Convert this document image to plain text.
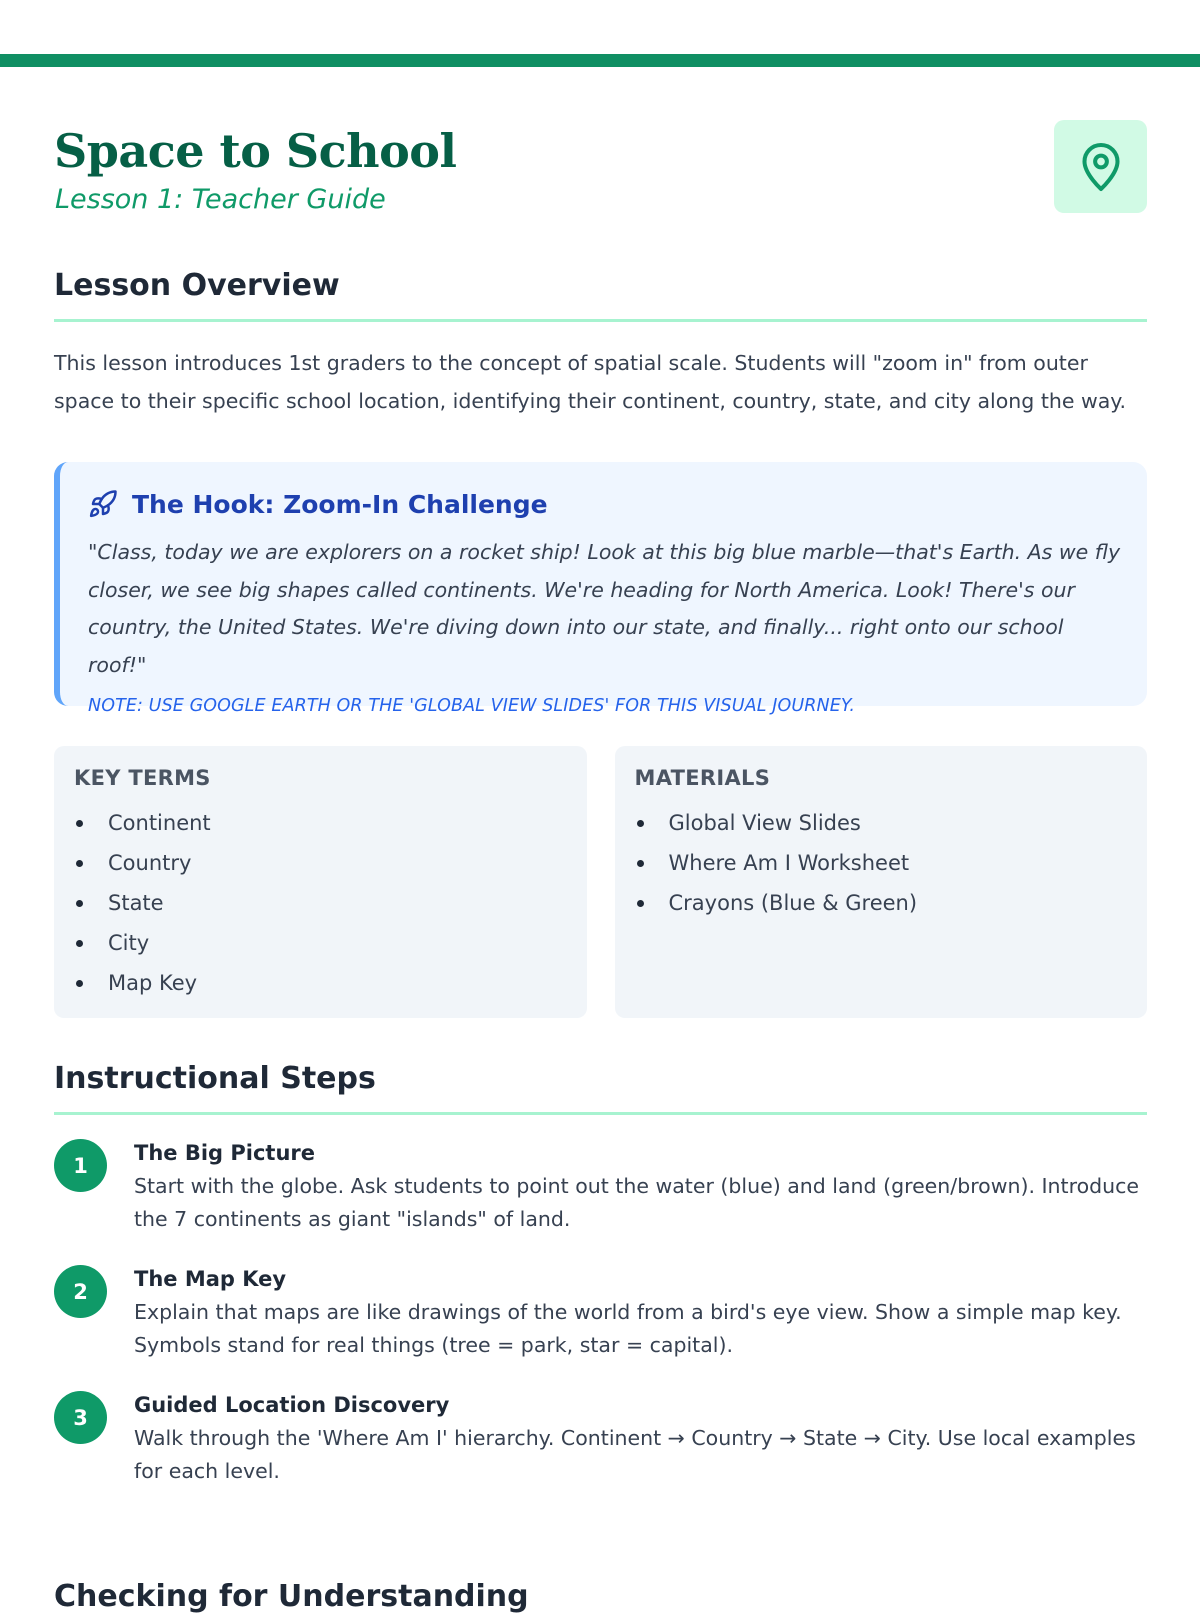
Space to School
Lesson 1: Teacher Guide
Lesson Overview
This lesson introduces 1st graders to the concept of spatial scale. Students will "zoom in" from outer space to their specific school location, identifying their continent, country, state, and city along the way.
The Hook: Zoom-In Challenge
"Class, today we are explorers on a rocket ship! Look at this big blue marble—that's Earth. As we fly closer, we see big shapes called continents. We're heading for North America. Look! There's our country, the United States. We're diving down into our state, and finally... right onto our school roof!"
NOTE: USE GOOGLE EARTH OR THE 'GLOBAL VIEW SLIDES' FOR THIS VISUAL JOURNEY.
KEY TERMS
Continent
Country
State
City
Map Key
MATERIALS
Global View Slides
Where Am I Worksheet
Crayons (Blue & Green)
Instructional Steps
1
The Big Picture
Start with the globe. Ask students to point out the water (blue) and land (green/brown). Introduce the 7 continents as giant "islands" of land.
2
The Map Key
Explain that maps are like drawings of the world from a bird's eye view. Show a simple map key. Symbols stand for real things (tree = park, star = capital).
3
Guided Location Discovery
Walk through the 'Where Am I' hierarchy. Continent → Country → State → City. Use local examples for each level.
Checking for Understanding
